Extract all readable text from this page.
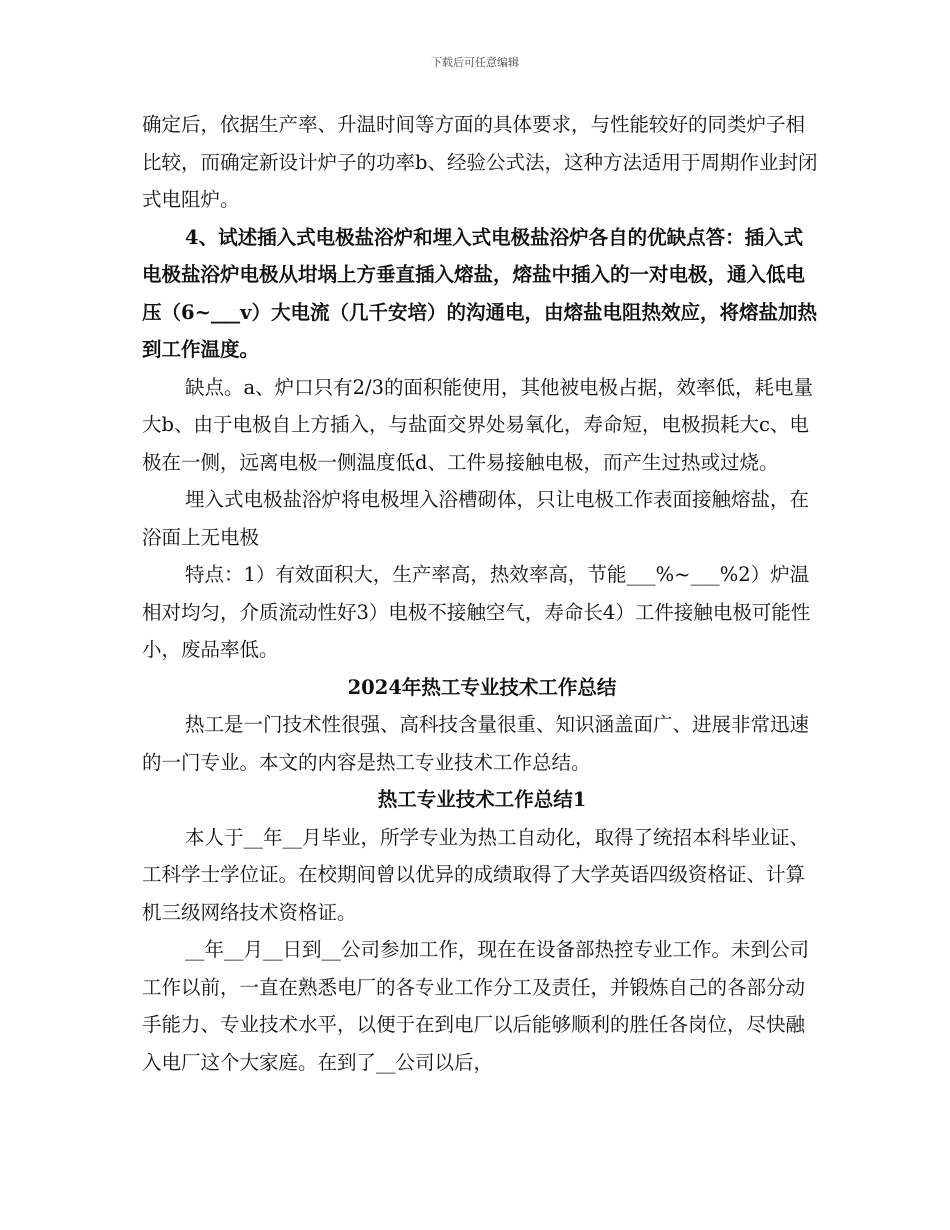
下载后可任意编辑

确定后，依据生产率、升温时间等方面的具体要求，与性能较好的同类炉子相比较，而确定新设计炉子的功率b、经验公式法，这种方法适用于周期作业封闭式电阻炉。

4、试述插入式电极盐浴炉和埋入式电极盐浴炉各自的优缺点答：插入式电极盐浴炉电极从坩埚上方垂直插入熔盐，熔盐中插入的一对电极，通入低电压（6~___v）大电流（几千安培）的沟通电，由熔盐电阻热效应，将熔盐加热到工作温度。

缺点。a、炉口只有2/3的面积能使用，其他被电极占据，效率低，耗电量大b、由于电极自上方插入，与盐面交界处易氧化，寿命短，电极损耗大c、电极在一侧，远离电极一侧温度低d、工件易接触电极，而产生过热或过烧。

埋入式电极盐浴炉将电极埋入浴槽砌体，只让电极工作表面接触熔盐，在浴面上无电极

特点：1）有效面积大，生产率高，热效率高，节能___%~___%2）炉温相对均匀，介质流动性好3）电极不接触空气，寿命长4）工件接触电极可能性小，废品率低。

2024年热工专业技术工作总结

热工是一门技术性很强、高科技含量很重、知识涵盖面广、进展非常迅速的一门专业。本文的内容是热工专业技术工作总结。

热工专业技术工作总结1

本人于__年__月毕业，所学专业为热工自动化，取得了统招本科毕业证、工科学士学位证。在校期间曾以优异的成绩取得了大学英语四级资格证、计算机三级网络技术资格证。

__年__月__日到__公司参加工作，现在在设备部热控专业工作。未到公司工作以前，一直在熟悉电厂的各专业工作分工及责任，并锻炼自己的各部分动手能力、专业技术水平，以便于在到电厂以后能够顺利的胜任各岗位，尽快融入电厂这个大家庭。在到了__公司以后，
